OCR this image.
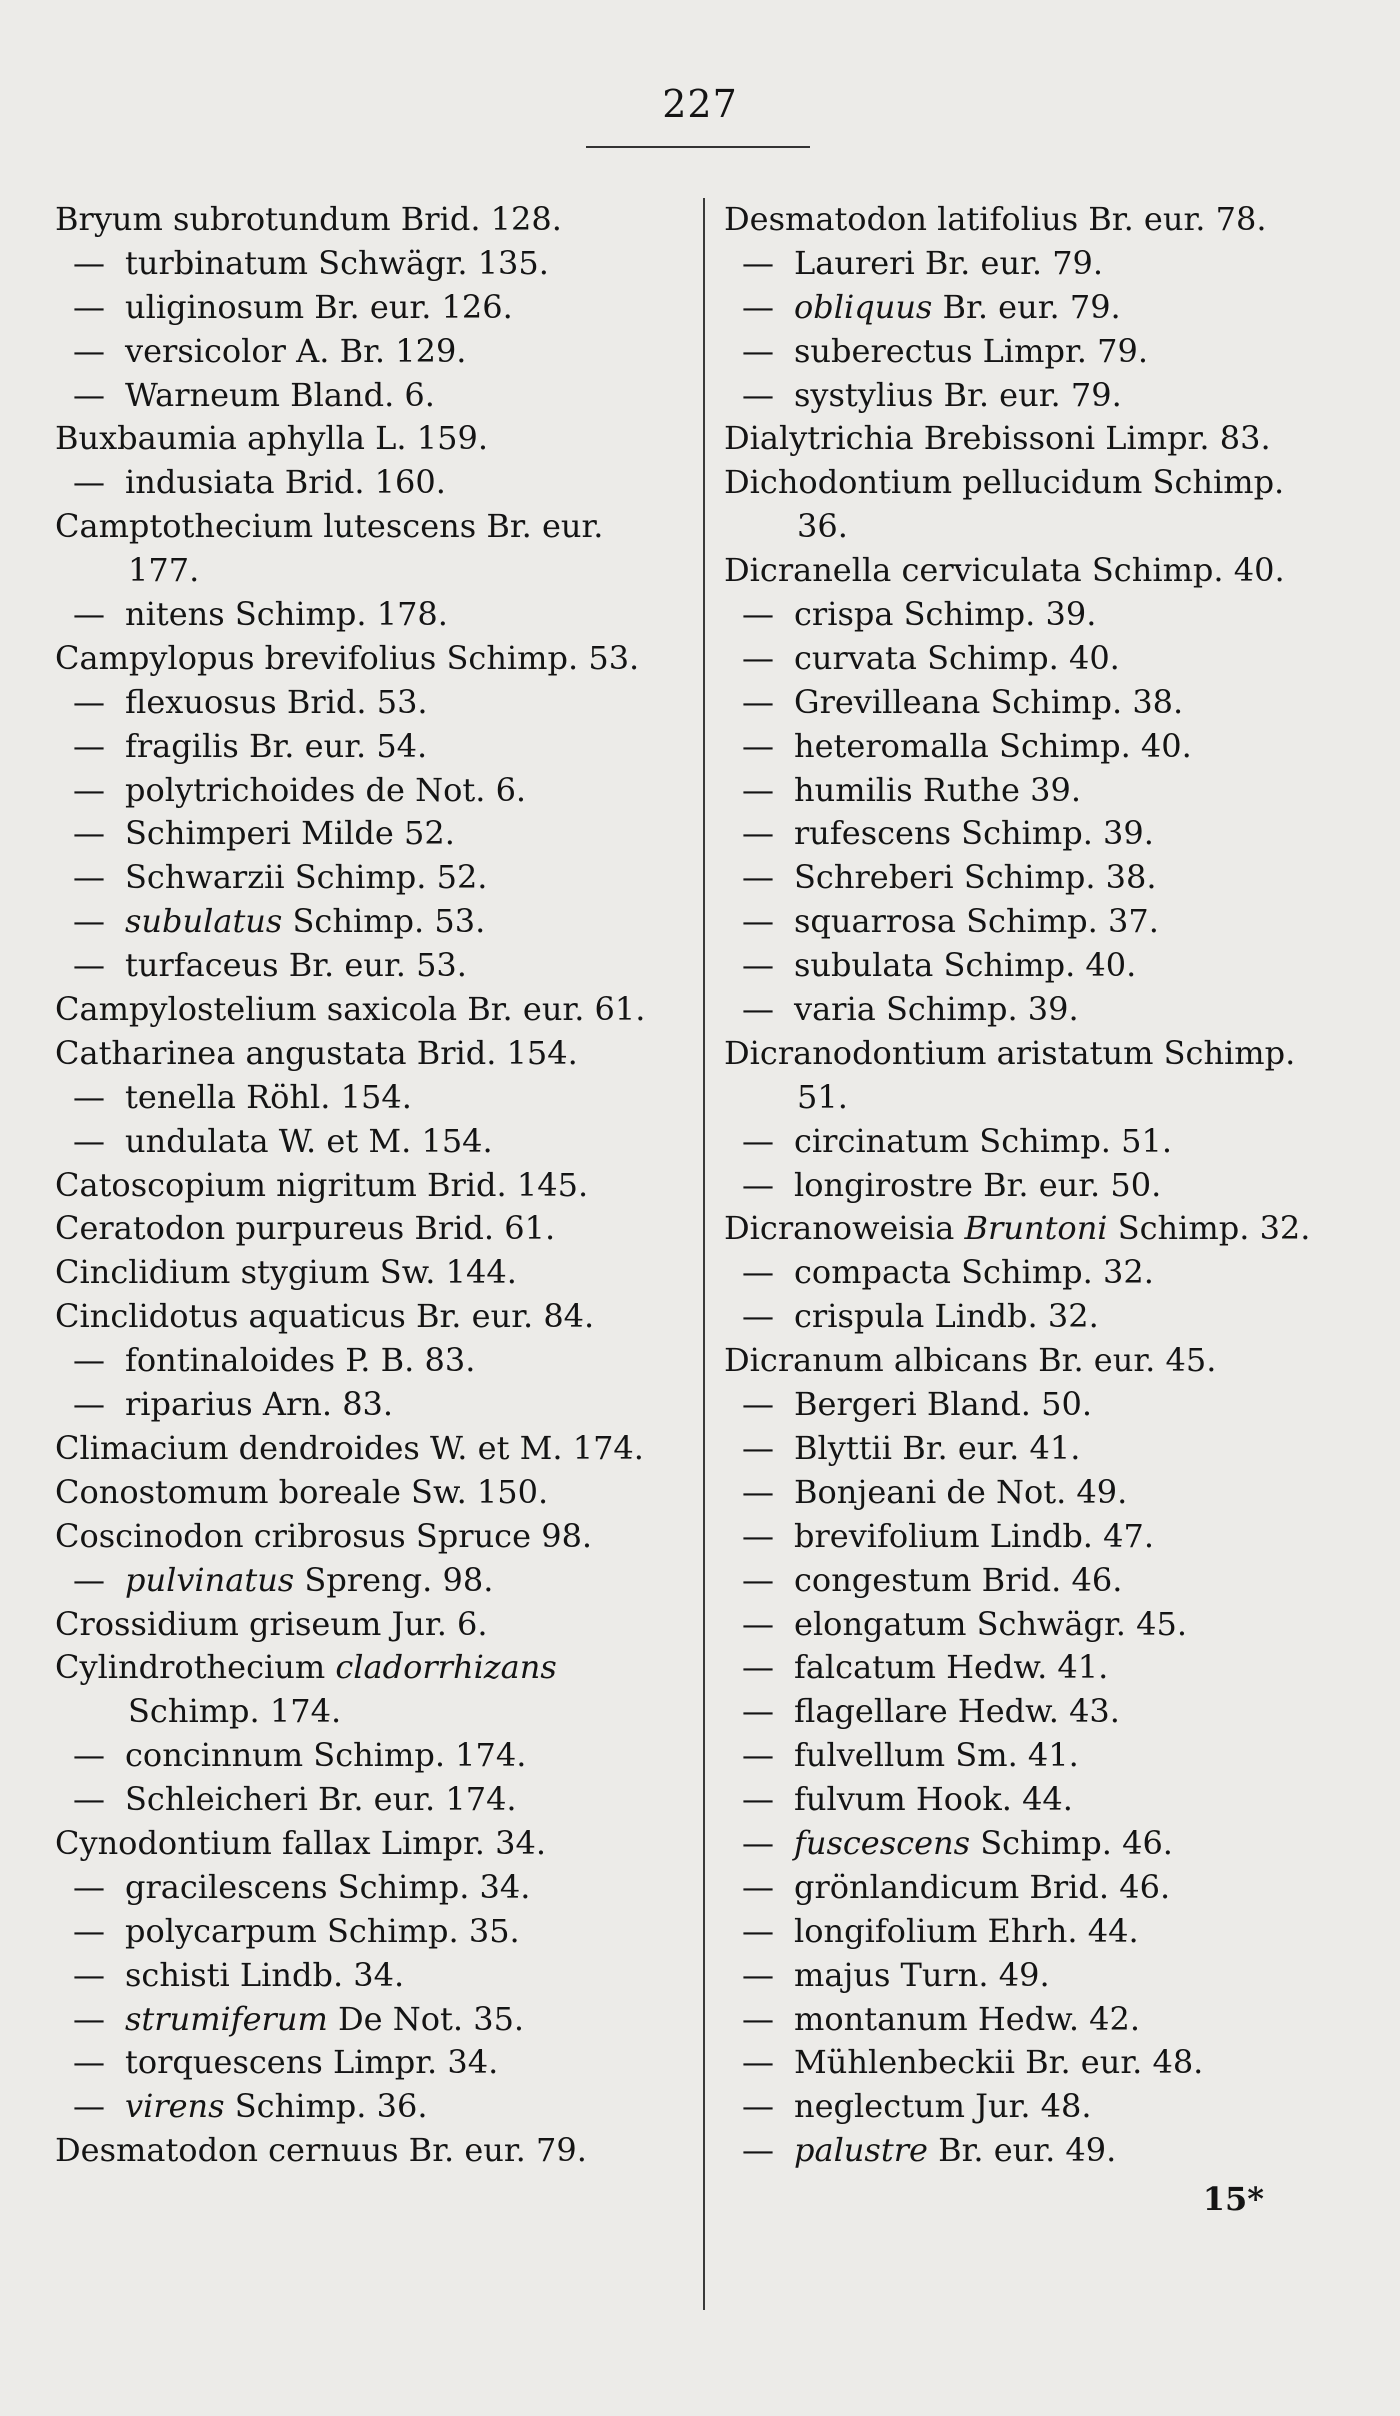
227
Bryum subrotundum Brid. 128.
— turbinatum Schwägr. 135.
— uliginosum Br. eur. 126.
— versicolor A. Br. 129.
— Warneum Bland. 6.
Buxbaumia aphylla L. 159.
— indusiata Brid. 160.
Camptothecium lutescens Br. eur.
177.
— nitens Schimp. 178.
Campylopus brevifolius Schimp. 53.
— flexuosus Brid. 53.
— fragilis Br. eur. 54.
— polytrichoides de Not. 6.
— Schimperi Milde 52.
— Schwarzii Schimp. 52.
— subulatus Schimp. 53.
— turfaceus Br. eur. 53.
Campylostelium saxicola Br. eur. 61.
Catharinea angustata Brid. 154.
— tenella Röhl. 154.
— undulata W. et M. 154.
Catoscopium nigritum Brid. 145.
Ceratodon purpureus Brid. 61.
Cinclidium stygium Sw. 144.
Cinclidotus aquaticus Br. eur. 84.
— fontinaloides P. B. 83.
— riparius Arn. 83.
Climacium dendroides W. et M. 174.
Conostomum boreale Sw. 150.
Coscinodon cribrosus Spruce 98.
— pulvinatus Spreng. 98.
Crossidium griseum Jur. 6.
Cylindrothecium cladorrhizans
Schimp. 174.
— concinnum Schimp. 174.
— Schleicheri Br. eur. 174.
Cynodontium fallax Limpr. 34.
— gracilescens Schimp. 34.
— polycarpum Schimp. 35.
— schisti Lindb. 34.
— strumiferum De Not. 35.
— torquescens Limpr. 34.
— virens Schimp. 36.
Desmatodon cernuus Br. eur. 79.
Desmatodon latifolius Br. eur. 78.
— Laureri Br. eur. 79.
— obliquus Br. eur. 79.
— suberectus Limpr. 79.
— systylius Br. eur. 79.
Dialytrichia Brebissoni Limpr. 83.
Dichodontium pellucidum Schimp.
36.
Dicranella cerviculata Schimp. 40.
— crispa Schimp. 39.
— curvata Schimp. 40.
— Grevilleana Schimp. 38.
— heteromalla Schimp. 40.
— humilis Ruthe 39.
— rufescens Schimp. 39.
— Schreberi Schimp. 38.
— squarrosa Schimp. 37.
— subulata Schimp. 40.
— varia Schimp. 39.
Dicranodontium aristatum Schimp.
51.
— circinatum Schimp. 51.
— longirostre Br. eur. 50.
Dicranoweisia Bruntoni Schimp. 32.
— compacta Schimp. 32.
— crispula Lindb. 32.
Dicranum albicans Br. eur. 45.
— Bergeri Bland. 50.
— Blyttii Br. eur. 41.
— Bonjeani de Not. 49.
— brevifolium Lindb. 47.
— congestum Brid. 46.
— elongatum Schwägr. 45.
— falcatum Hedw. 41.
— flagellare Hedw. 43.
— fulvellum Sm. 41.
— fulvum Hook. 44.
— fuscescens Schimp. 46.
— grönlandicum Brid. 46.
— longifolium Ehrh. 44.
— majus Turn. 49.
— montanum Hedw. 42.
— Mühlenbeckii Br. eur. 48.
— neglectum Jur. 48.
— palustre Br. eur. 49.
15*
